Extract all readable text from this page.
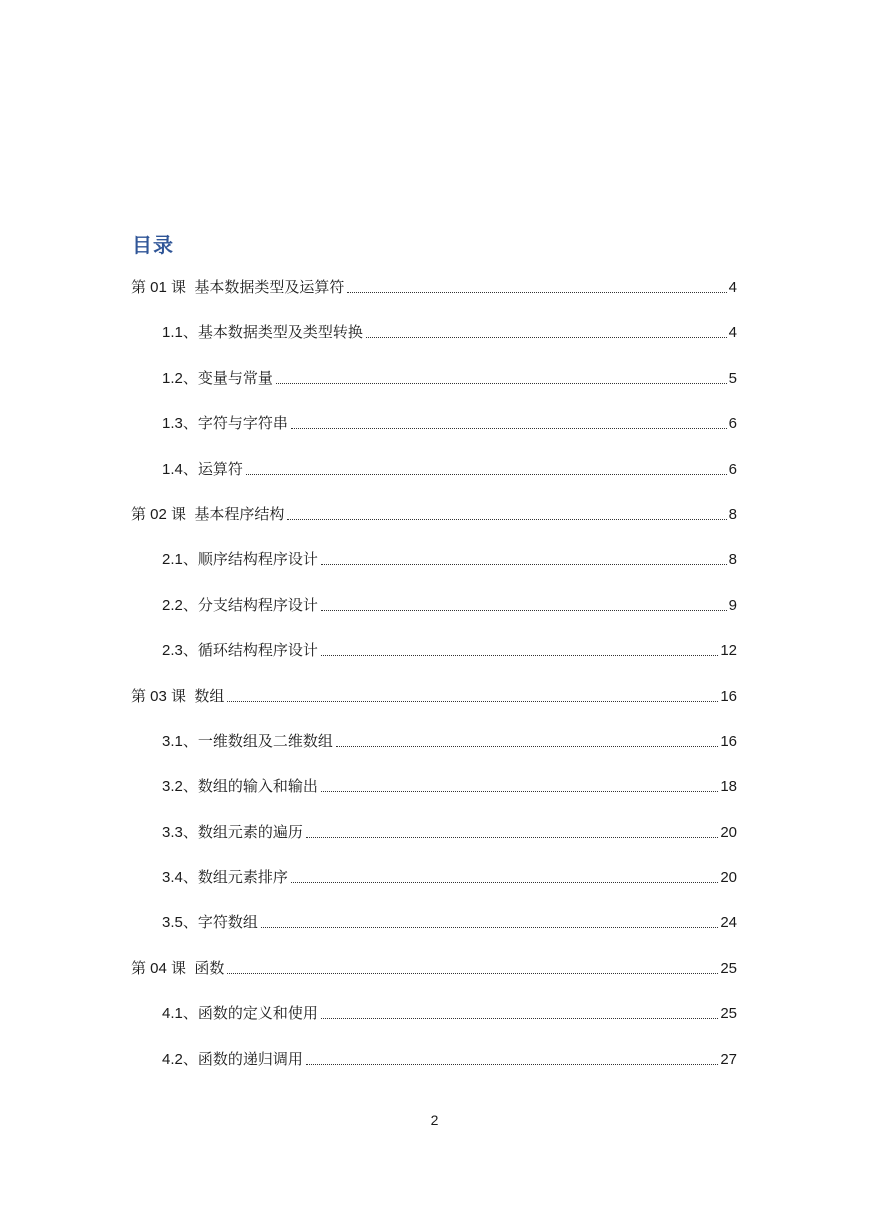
目录
第 01 课  基本数据类型及运算符	4
1.1、基本数据类型及类型转换	4
1.2、变量与常量	5
1.3、字符与字符串	6
1.4、运算符	6
第 02 课  基本程序结构	8
2.1、顺序结构程序设计	8
2.2、分支结构程序设计	9
2.3、循环结构程序设计	12
第 03 课  数组	16
3.1、一维数组及二维数组	16
3.2、数组的输入和输出	18
3.3、数组元素的遍历	20
3.4、数组元素排序	20
3.5、字符数组	24
第 04 课  函数	25
4.1、函数的定义和使用	25
4.2、函数的递归调用	27
2
